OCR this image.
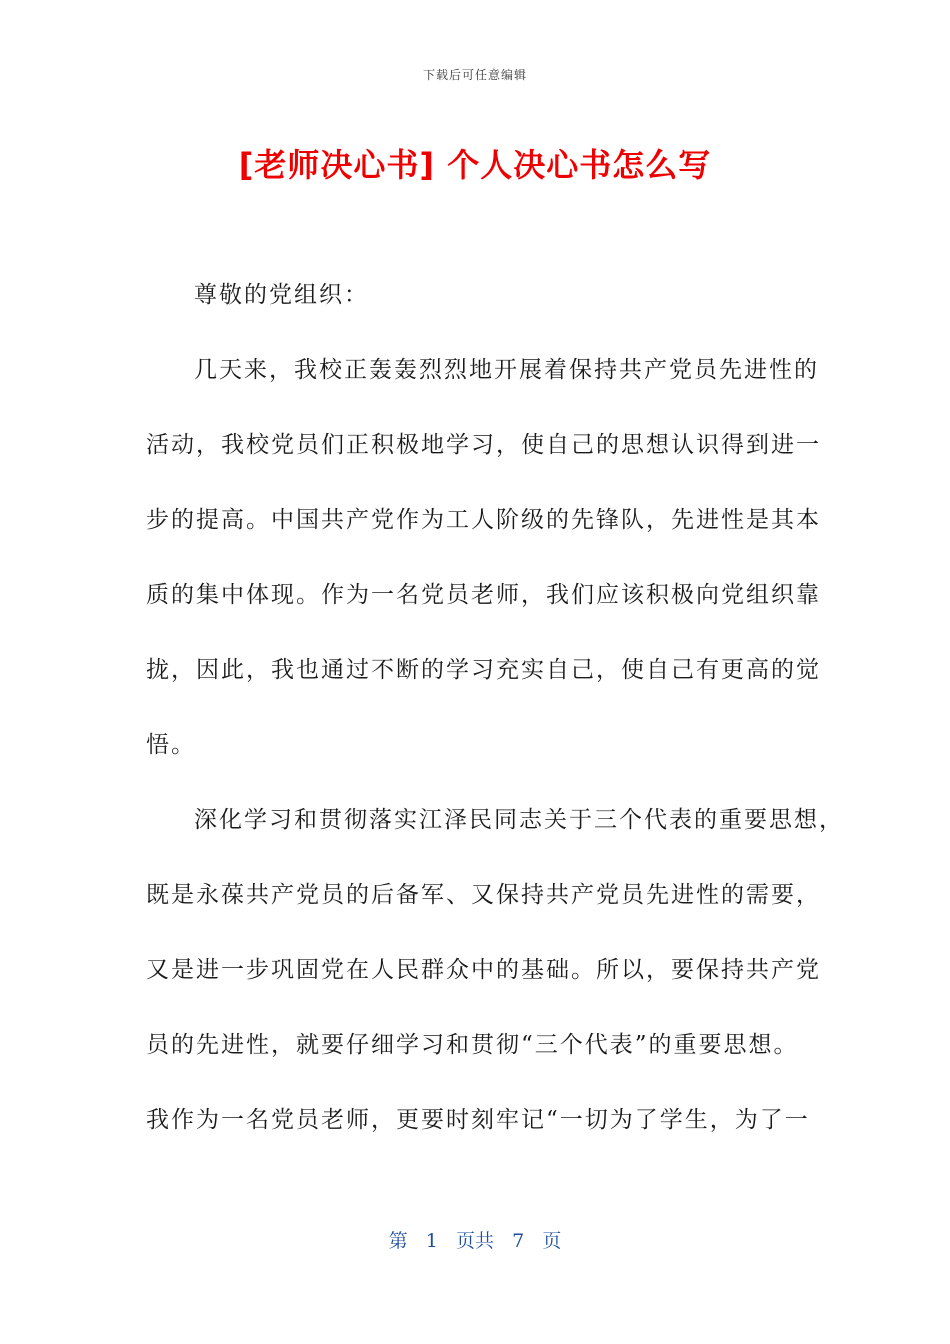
下载后可任意编辑
[老师决心书] 个人决心书怎么写
尊敬的党组织：
几天来，我校正轰轰烈烈地开展着保持共产党员先进性的
活动，我校党员们正积极地学习，使自己的思想认识得到进一
步的提高。中国共产党作为工人阶级的先锋队，先进性是其本
质的集中体现。作为一名党员老师，我们应该积极向党组织靠
拢，因此，我也通过不断的学习充实自己，使自己有更高的觉
悟。
深化学习和贯彻落实江泽民同志关于三个代表的重要思想，
既是永葆共产党员的后备军、又保持共产党员先进性的需要，
又是进一步巩固党在人民群众中的基础。所以，要保持共产党
员的先进性，就要仔细学习和贯彻“三个代表”的重要思想。
我作为一名党员老师，更要时刻牢记“一切为了学生，为了一
第 1 页共 7 页
